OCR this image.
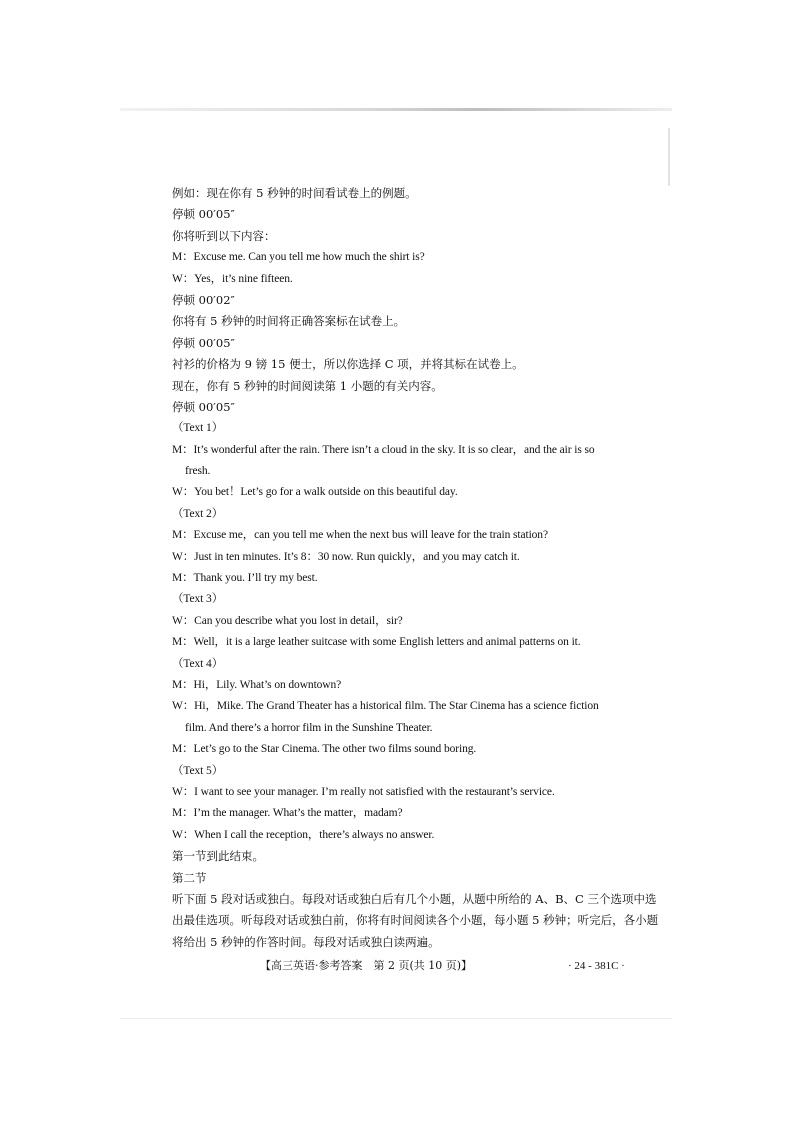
例如：现在你有 5 秒钟的时间看试卷上的例题。
停顿 00′05″
你将听到以下内容：
M：Excuse me. Can you tell me how much the shirt is?
W：Yes，it’s nine fifteen.
停顿 00′02″
你将有 5 秒钟的时间将正确答案标在试卷上。
停顿 00′05″
衬衫的价格为 9 镑 15 便士，所以你选择 C 项，并将其标在试卷上。
现在，你有 5 秒钟的时间阅读第 1 小题的有关内容。
停顿 00′05″
（Text 1）
M：It’s wonderful after the rain. There isn’t a cloud in the sky. It is so clear，and the air is so
fresh.
W：You bet！Let’s go for a walk outside on this beautiful day.
（Text 2）
M：Excuse me，can you tell me when the next bus will leave for the train station?
W：Just in ten minutes. It’s 8：30 now. Run quickly，and you may catch it.
M：Thank you. I’ll try my best.
（Text 3）
W：Can you describe what you lost in detail，sir?
M：Well，it is a large leather suitcase with some English letters and animal patterns on it.
（Text 4）
M：Hi，Lily. What’s on downtown?
W：Hi，Mike. The Grand Theater has a historical film. The Star Cinema has a science fiction
film. And there’s a horror film in the Sunshine Theater.
M：Let’s go to the Star Cinema. The other two films sound boring.
（Text 5）
W：I want to see your manager. I’m really not satisfied with the restaurant’s service.
M：I’m the manager. What’s the matter，madam?
W：When I call the reception，there’s always no answer.
第一节到此结束。
第二节
听下面 5 段对话或独白。每段对话或独白后有几个小题，从题中所给的 A、B、C 三个选项中选
出最佳选项。听每段对话或独白前，你将有时间阅读各个小题，每小题 5 秒钟；听完后，各小题
将给出 5 秒钟的作答时间。每段对话或独白读两遍。
【高三英语·参考答案　第 2 页(共 10 页)】	· 24 - 381C ·
